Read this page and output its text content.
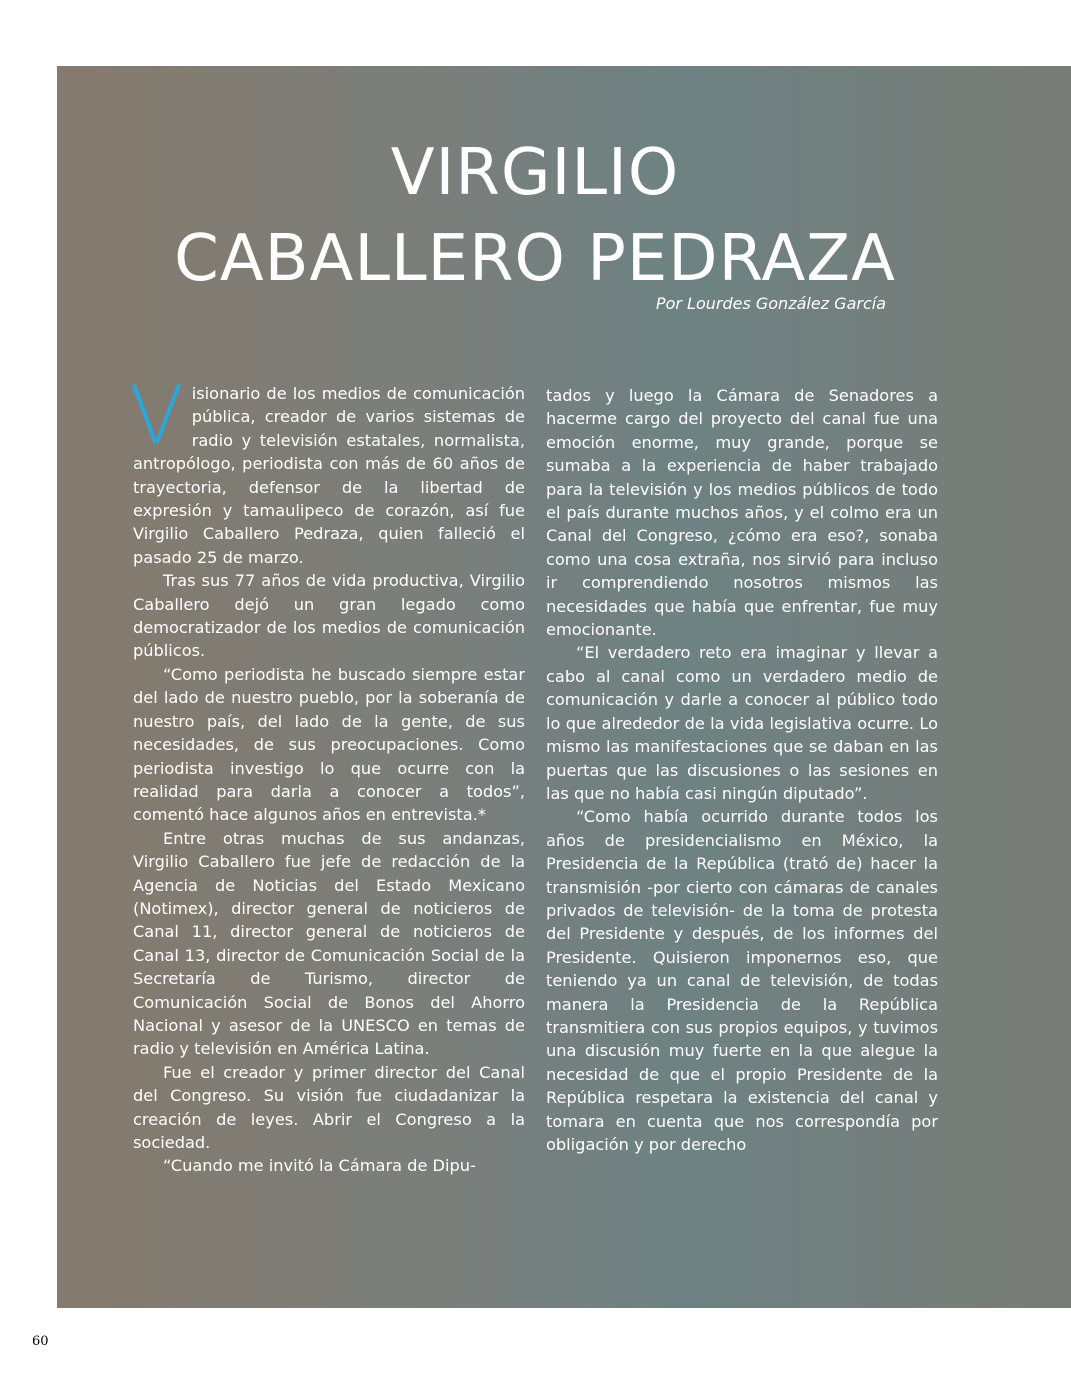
VIRGILIO
CABALLERO PEDRAZA
Por Lourdes González García

Visionario de los medios de comunicación pública, creador de varios sistemas de radio y televisión estatales, normalista, antropólogo, periodista con más de 60 años de trayectoria, defensor de la libertad de expresión y tamaulipeco de corazón, así fue Virgilio Caballero Pedraza, quien falleció el pasado 25 de marzo.

Tras sus 77 años de vida productiva, Virgilio Caballero dejó un gran legado como democratizador de los medios de comunicación públicos.

“Como periodista he buscado siempre estar del lado de nuestro pueblo, por la soberanía de nuestro país, del lado de la gente, de sus necesidades, de sus preocupaciones. Como periodista investigo lo que ocurre con la realidad para darla a conocer a todos”, comentó hace algunos años en entrevista.*

Entre otras muchas de sus andanzas, Virgilio Caballero fue jefe de redacción de la Agencia de Noticias del Estado Mexicano (Notimex), director general de noticieros de Canal 11, director general de noticieros de Canal 13, director de Comunicación Social de la Secretaría de Turismo, director de Comunicación Social de Bonos del Ahorro Nacional y asesor de la UNESCO en temas de radio y televisión en América Latina.

Fue el creador y primer director del Canal del Congreso. Su visión fue ciudadanizar la creación de leyes. Abrir el Congreso a la sociedad.

“Cuando me invitó la Cámara de Dipu-

tados y luego la Cámara de Senadores a hacerme cargo del proyecto del canal fue una emoción enorme, muy grande, porque se sumaba a la experiencia de haber trabajado para la televisión y los medios públicos de todo el país durante muchos años, y el colmo era un Canal del Congreso, ¿cómo era eso?, sonaba como una cosa extraña, nos sirvió para incluso ir comprendiendo nosotros mismos las necesidades que había que enfrentar, fue muy emocionante.

“El verdadero reto era imaginar y llevar a cabo al canal como un verdadero medio de comunicación y darle a conocer al público todo lo que alrededor de la vida legislativa ocurre. Lo mismo las manifestaciones que se daban en las puertas que las discusiones o las sesiones en las que no había casi ningún diputado”.

“Como había ocurrido durante todos los años de presidencialismo en México, la Presidencia de la República (trató de) hacer la transmisión -por cierto con cámaras de canales privados de televisión- de la toma de protesta del Presidente y después, de los informes del Presidente. Quisieron imponernos eso, que teniendo ya un canal de televisión, de todas manera la Presidencia de la República transmitiera con sus propios equipos, y tuvimos una discusión muy fuerte en la que alegue la necesidad de que el propio Presidente de la República respetara la existencia del canal y tomara en cuenta que nos correspondía por obligación y por derecho

60
